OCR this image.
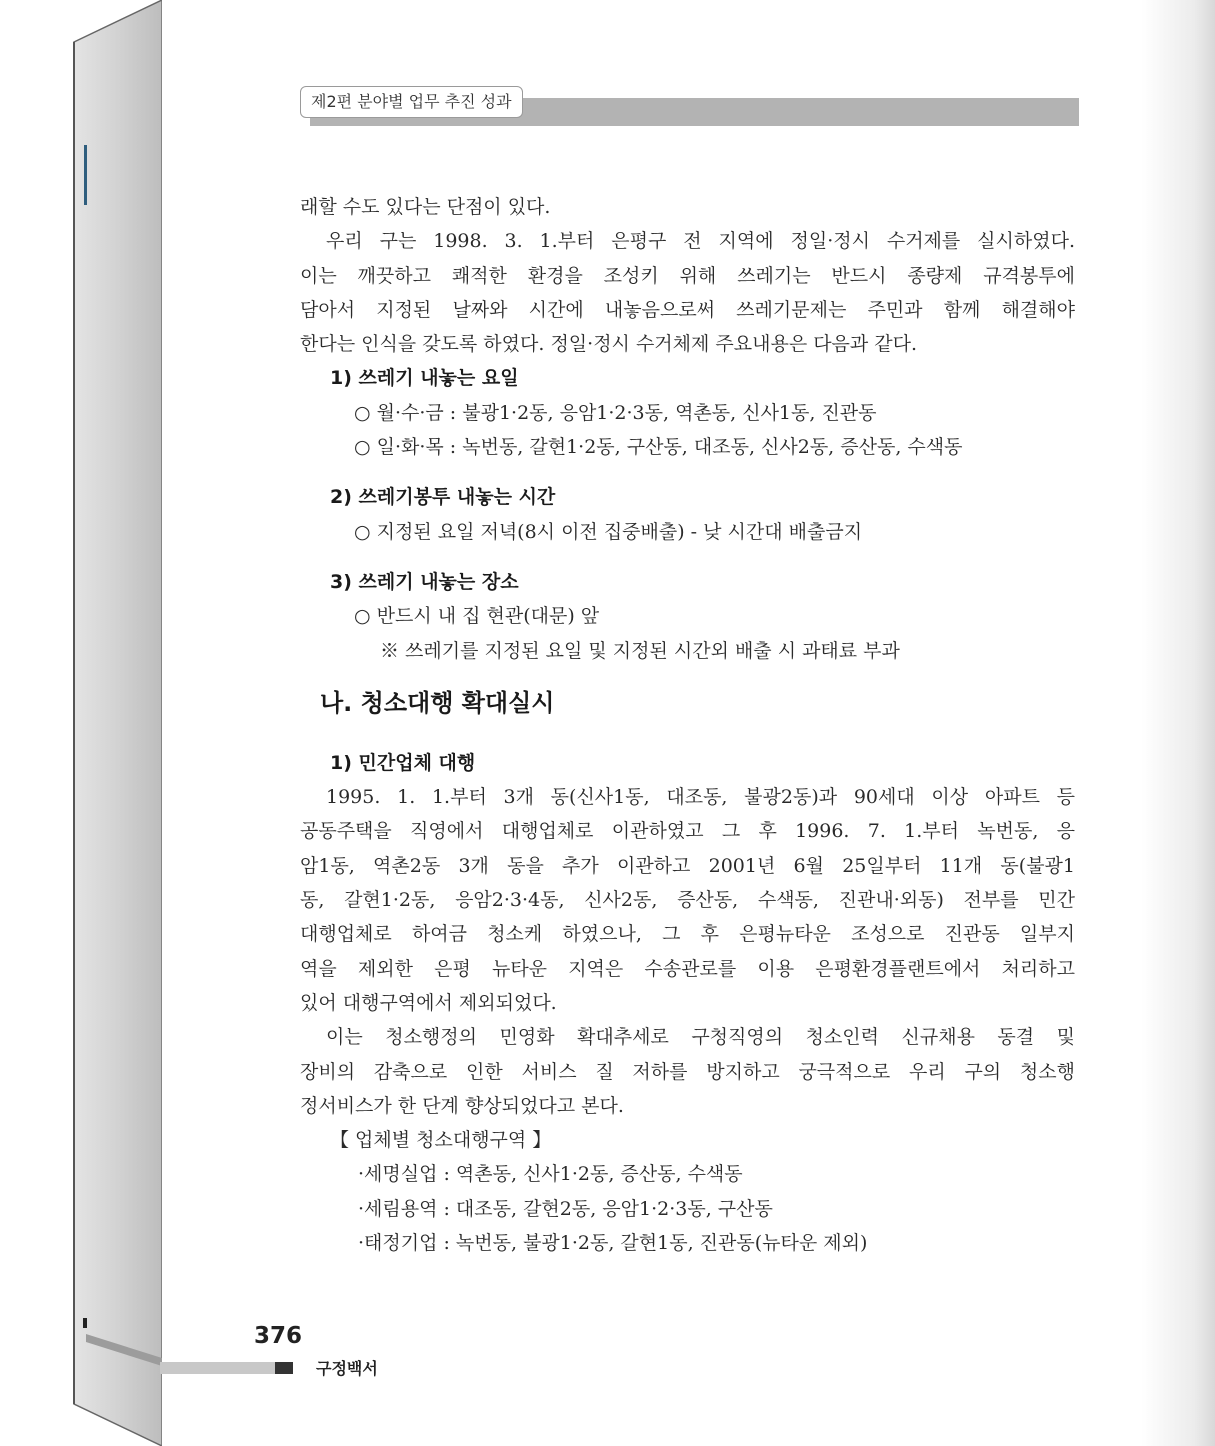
제2편 분야별 업무 추진 성과
래할 수도 있다는 단점이 있다.
우리 구는 1998. 3. 1.부터 은평구 전 지역에 정일·정시 수거제를 실시하였다.
이는 깨끗하고 쾌적한 환경을 조성키 위해 쓰레기는 반드시 종량제 규격봉투에
담아서 지정된 날짜와 시간에 내놓음으로써 쓰레기문제는 주민과 함께 해결해야
한다는 인식을 갖도록 하였다. 정일·정시 수거체제 주요내용은 다음과 같다.
1) 쓰레기 내놓는 요일
○ 월·수·금 : 불광1·2동, 응암1·2·3동, 역촌동, 신사1동, 진관동
○ 일·화·목 : 녹번동, 갈현1·2동, 구산동, 대조동, 신사2동, 증산동, 수색동
2) 쓰레기봉투 내놓는 시간
○ 지정된 요일 저녁(8시 이전 집중배출) - 낮 시간대 배출금지
3) 쓰레기 내놓는 장소
○ 반드시 내 집 현관(대문) 앞
※ 쓰레기를 지정된 요일 및 지정된 시간외 배출 시 과태료 부과
나. 청소대행 확대실시
1) 민간업체 대행
1995. 1. 1.부터 3개 동(신사1동, 대조동, 불광2동)과 90세대 이상 아파트 등
공동주택을 직영에서 대행업체로 이관하였고 그 후 1996. 7. 1.부터 녹번동, 응
암1동, 역촌2동 3개 동을 추가 이관하고 2001년 6월 25일부터 11개 동(불광1
동, 갈현1·2동, 응암2·3·4동, 신사2동, 증산동, 수색동, 진관내·외동) 전부를 민간
대행업체로 하여금 청소케 하였으나, 그 후 은평뉴타운 조성으로 진관동 일부지
역을 제외한 은평 뉴타운 지역은 수송관로를 이용 은평환경플랜트에서 처리하고
있어 대행구역에서 제외되었다.
이는 청소행정의 민영화 확대추세로 구청직영의 청소인력 신규채용 동결 및
장비의 감축으로 인한 서비스 질 저하를 방지하고 궁극적으로 우리 구의 청소행
정서비스가 한 단계 향상되었다고 본다.
【 업체별 청소대행구역 】
·세명실업 : 역촌동, 신사1·2동, 증산동, 수색동
·세림용역 : 대조동, 갈현2동, 응암1·2·3동, 구산동
·태정기업 : 녹번동, 불광1·2동, 갈현1동, 진관동(뉴타운 제외)
376
구정백서
